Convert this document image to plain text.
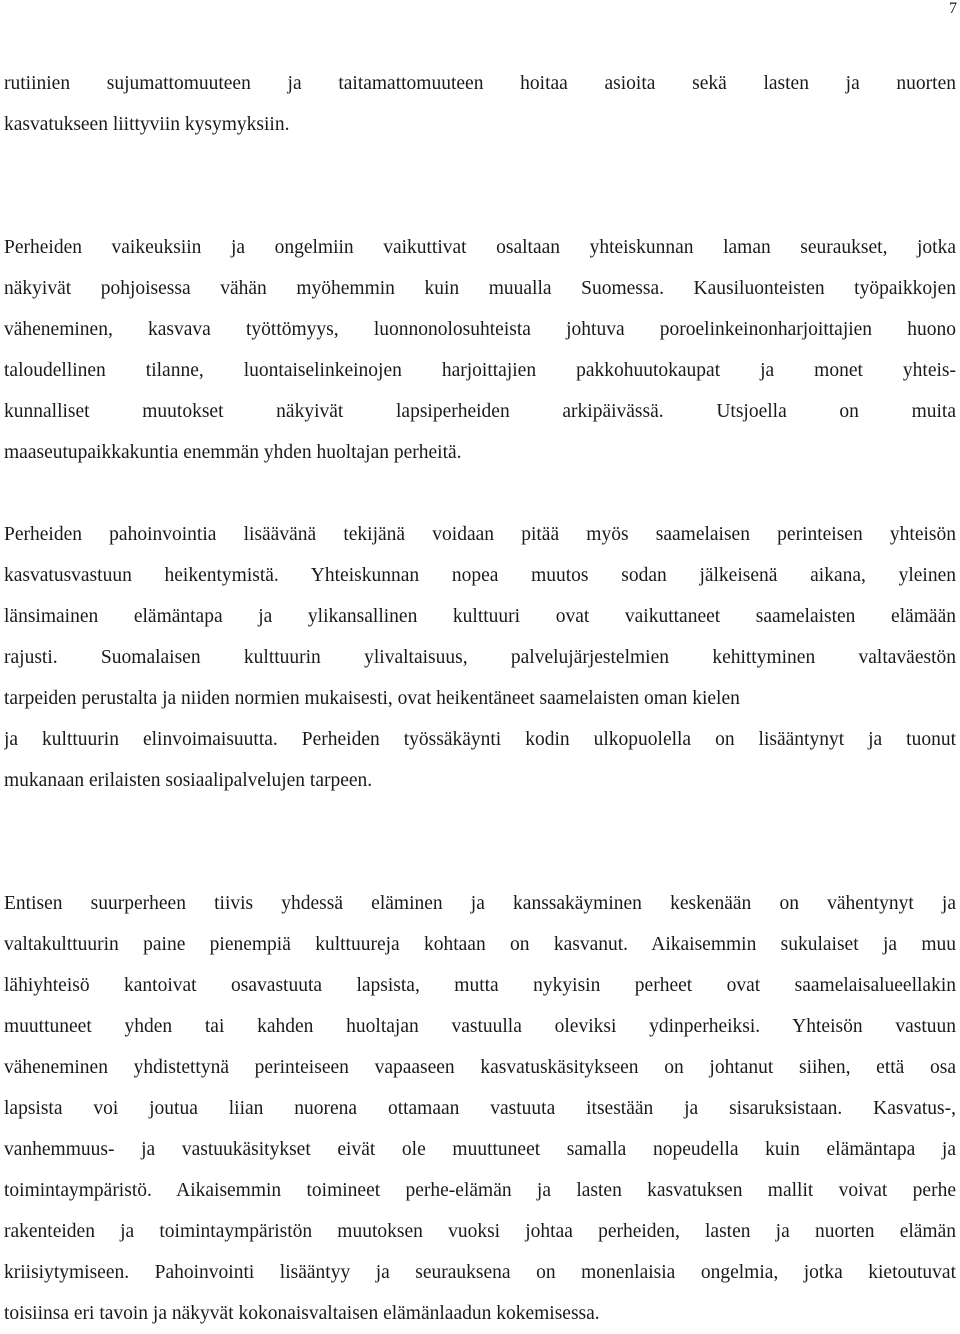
7

rutiinien sujumattomuuteen ja taitamattomuuteen hoitaa asioita sekä lasten ja nuorten
kasvatukseen liittyviin kysymyksiin.

Perheiden vaikeuksiin ja ongelmiin vaikuttivat osaltaan yhteiskunnan laman seuraukset, jotka
näkyivät pohjoisessa vähän myöhemmin kuin muualla Suomessa. Kausiluonteisten työpaikkojen
väheneminen, kasvava työttömyys, luonnonolosuhteista johtuva poroelinkeinonharjoittajien huono
taloudellinen tilanne, luontaiselinkeinojen harjoittajien pakkohuutokaupat ja monet yhteis-
kunnalliset muutokset näkyivät lapsiperheiden arkipäivässä. Utsjoella on muita
maaseutupaikkakuntia enemmän yhden huoltajan perheitä.

Perheiden pahoinvointia lisäävänä tekijänä voidaan pitää myös saamelaisen perinteisen yhteisön
kasvatusvastuun heikentymistä. Yhteiskunnan nopea muutos sodan jälkeisenä aikana, yleinen
länsimainen elämäntapa ja ylikansallinen kulttuuri ovat vaikuttaneet saamelaisten elämään
rajusti. Suomalaisen kulttuurin ylivaltaisuus, palvelujärjestelmien kehittyminen valtaväestön
tarpeiden perustalta ja niiden normien mukaisesti, ovat heikentäneet saamelaisten oman kielen
ja kulttuurin elinvoimaisuutta. Perheiden työssäkäynti kodin ulkopuolella on lisääntynyt ja tuonut
mukanaan erilaisten sosiaalipalvelujen tarpeen.

Entisen suurperheen tiivis yhdessä eläminen ja kanssakäyminen keskenään on vähentynyt ja
valtakulttuurin paine pienempiä kulttuureja kohtaan on kasvanut. Aikaisemmin sukulaiset ja muu
lähiyhteisö kantoivat osavastuuta lapsista, mutta nykyisin perheet ovat saamelaisalueellakin
muuttuneet yhden tai kahden huoltajan vastuulla oleviksi ydinperheiksi. Yhteisön vastuun
väheneminen yhdistettynä perinteiseen vapaaseen kasvatuskäsitykseen on johtanut siihen, että osa
lapsista voi joutua liian nuorena ottamaan vastuuta itsestään ja sisaruksistaan. Kasvatus-,
vanhemmuus- ja vastuukäsitykset eivät ole muuttuneet samalla nopeudella kuin elämäntapa ja
toimintaympäristö. Aikaisemmin toimineet perhe-elämän ja lasten kasvatuksen mallit voivat perhe
rakenteiden ja toimintaympäristön muutoksen vuoksi johtaa perheiden, lasten ja nuorten elämän
kriisiytymiseen. Pahoinvointi lisääntyy ja seurauksena on monenlaisia ongelmia, jotka kietoutuvat
toisiinsa eri tavoin ja näkyvät kokonaisvaltaisen elämänlaadun kokemisessa.
